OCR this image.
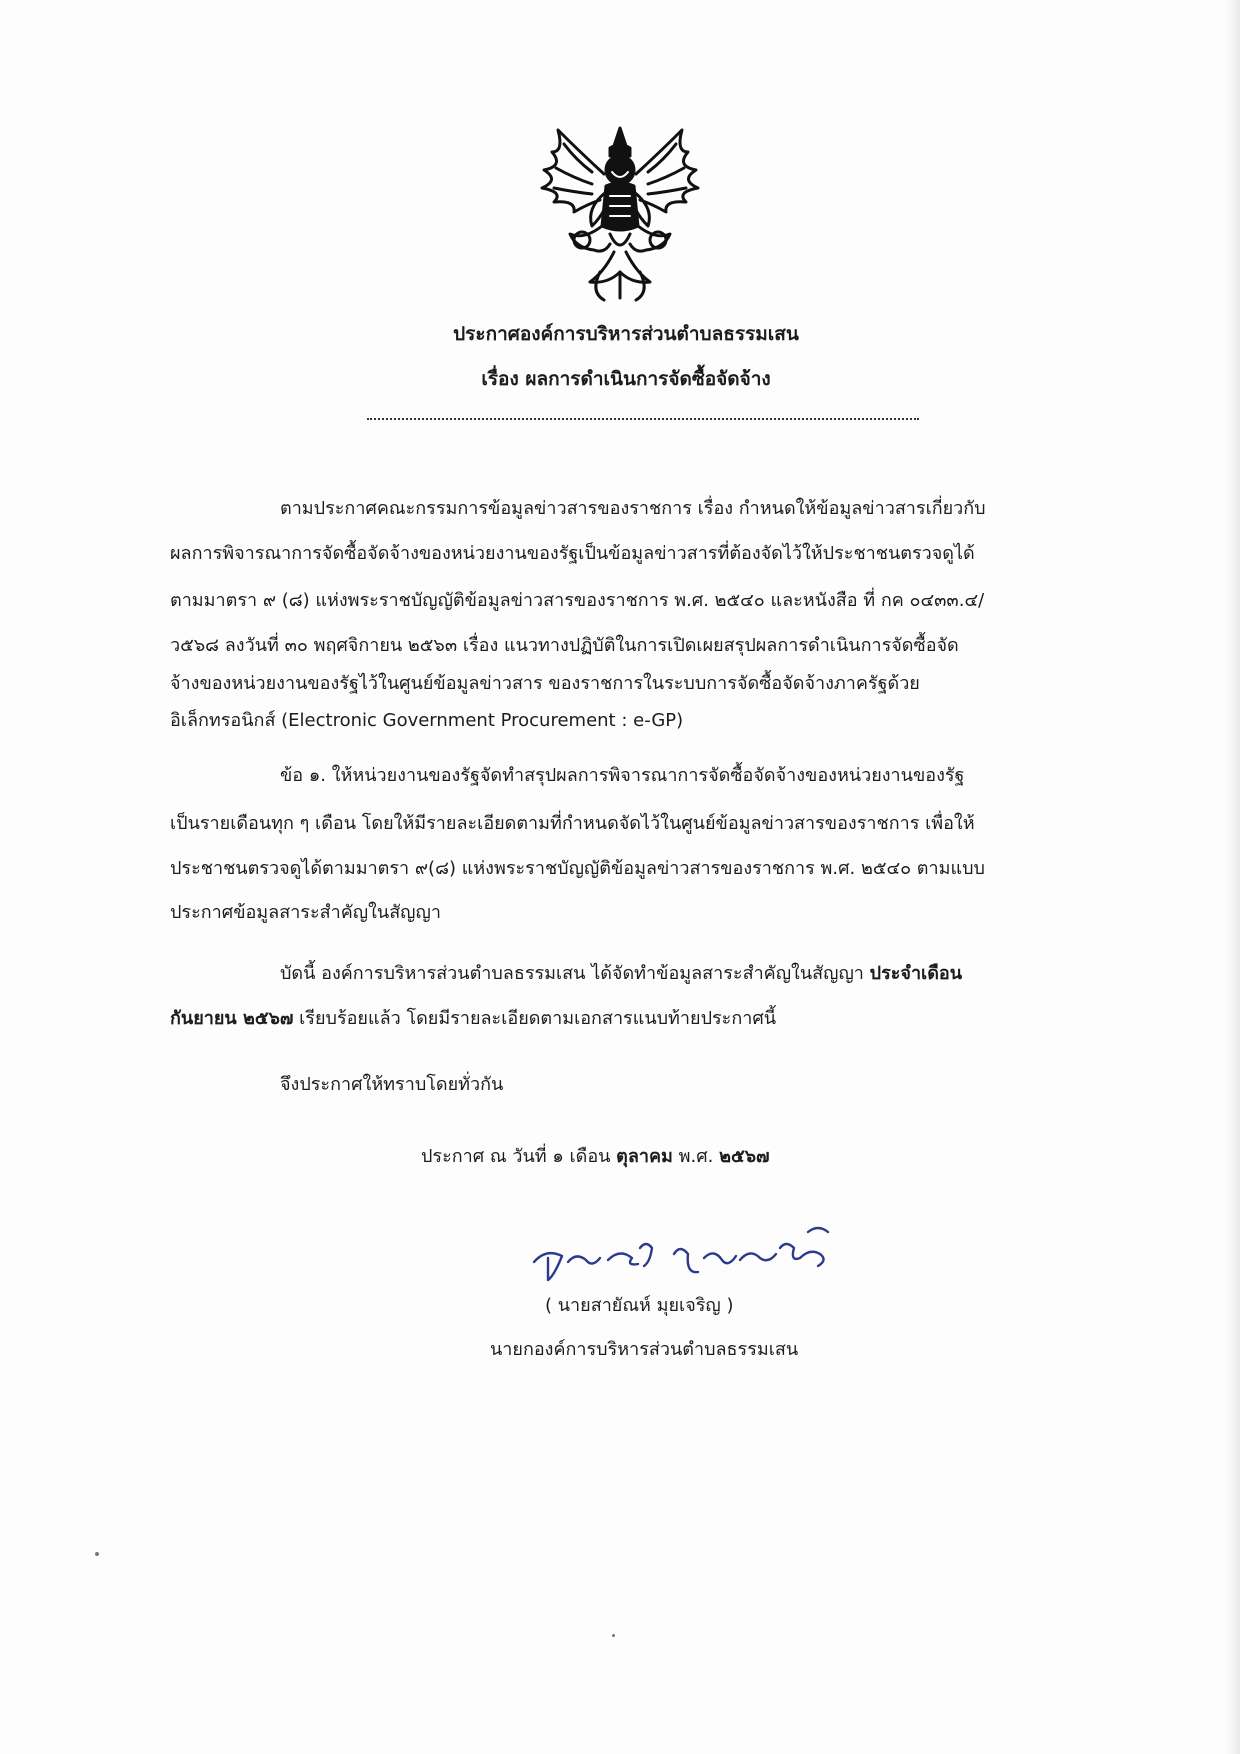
ประกาศองค์การบริหารส่วนตำบลธรรมเสน
เรื่อง ผลการดำเนินการจัดซื้อจัดจ้าง
ตามประกาศคณะกรรมการข้อมูลข่าวสารของราชการ เรื่อง กำหนดให้ข้อมูลข่าวสารเกี่ยวกับ
ผลการพิจารณาการจัดซื้อจัดจ้างของหน่วยงานของรัฐเป็นข้อมูลข่าวสารที่ต้องจัดไว้ให้ประชาชนตรวจดูได้
ตามมาตรา ๙ (๘) แห่งพระราชบัญญัติข้อมูลข่าวสารของราชการ พ.ศ. ๒๕๔๐ และหนังสือ ที่ กค ๐๔๓๓.๔/
ว๕๖๘ ลงวันที่ ๓๐ พฤศจิกายน ๒๕๖๓ เรื่อง แนวทางปฏิบัติในการเปิดเผยสรุปผลการดำเนินการจัดซื้อจัด
จ้างของหน่วยงานของรัฐไว้ในศูนย์ข้อมูลข่าวสาร ของราชการในระบบการจัดซื้อจัดจ้างภาครัฐด้วย
อิเล็กทรอนิกส์ (Electronic Government Procurement : e-GP)
ข้อ ๑. ให้หน่วยงานของรัฐจัดทำสรุปผลการพิจารณาการจัดซื้อจัดจ้างของหน่วยงานของรัฐ
เป็นรายเดือนทุก ๆ เดือน โดยให้มีรายละเอียดตามที่กำหนดจัดไว้ในศูนย์ข้อมูลข่าวสารของราชการ เพื่อให้
ประชาชนตรวจดูได้ตามมาตรา ๙(๘) แห่งพระราชบัญญัติข้อมูลข่าวสารของราชการ พ.ศ. ๒๕๔๐ ตามแบบ
ประกาศข้อมูลสาระสำคัญในสัญญา
บัดนี้ องค์การบริหารส่วนตำบลธรรมเสน ได้จัดทำข้อมูลสาระสำคัญในสัญญา ประจำเดือน
กันยายน ๒๕๖๗ เรียบร้อยแล้ว โดยมีรายละเอียดตามเอกสารแนบท้ายประกาศนี้
จึงประกาศให้ทราบโดยทั่วกัน
ประกาศ ณ วันที่ ๑ เดือน ตุลาคม พ.ศ. ๒๕๖๗
( นายสายัณห์ มุยเจริญ )
นายกองค์การบริหารส่วนตำบลธรรมเสน
